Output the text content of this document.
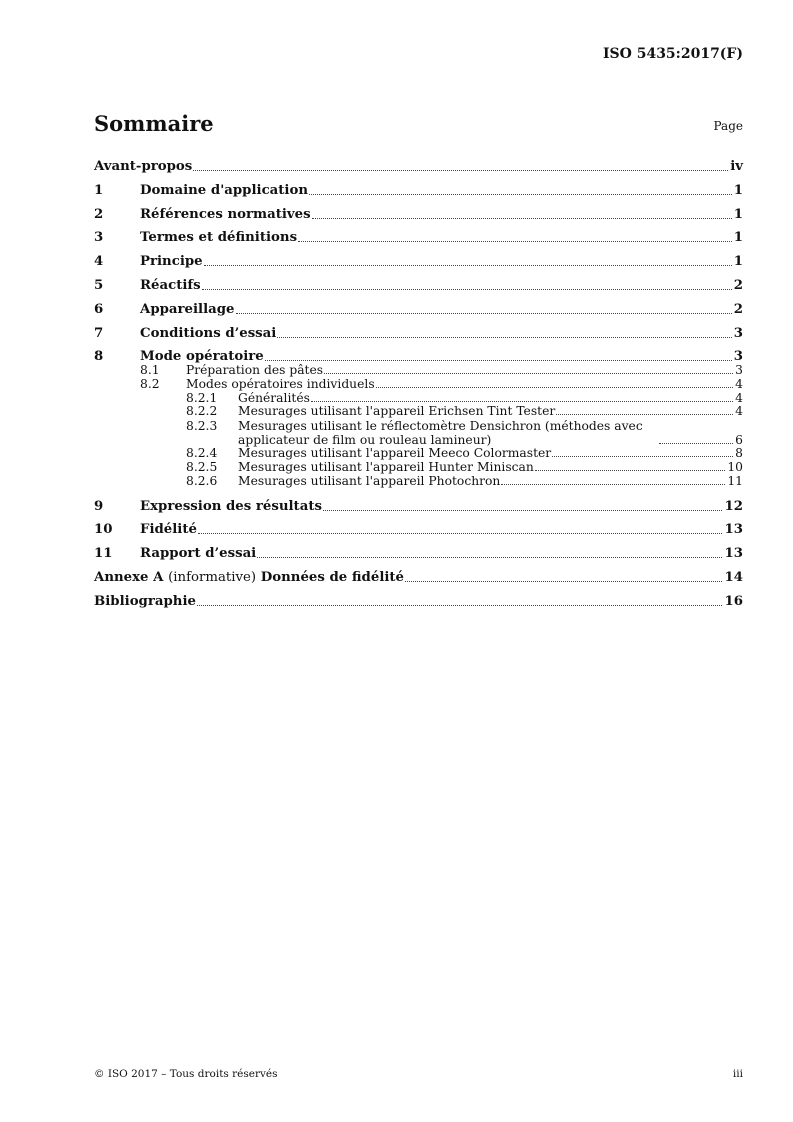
ISO 5435:2017(F)
Sommaire	Page
Avant-propos	iv
1	Domaine d'application	1
2	Références normatives	1
3	Termes et définitions	1
4	Principe	1
5	Réactifs	2
6	Appareillage	2
7	Conditions d’essai	3
8	Mode opératoire	3
8.1	Préparation des pâtes	3
8.2	Modes opératoires individuels	4
8.2.1	Généralités	4
8.2.2	Mesurages utilisant l'appareil Erichsen Tint Tester	4
8.2.3	Mesurages utilisant le réflectomètre Densichron (méthodes avec applicateur de film ou rouleau lamineur)	6
8.2.4	Mesurages utilisant l'appareil Meeco Colormaster	8
8.2.5	Mesurages utilisant l'appareil Hunter Miniscan	10
8.2.6	Mesurages utilisant l'appareil Photochron	11
9	Expression des résultats	12
10	Fidélité	13
11	Rapport d’essai	13
Annexe A (informative) Données de fidélité	14
Bibliographie	16
© ISO 2017 – Tous droits réservés	iii
